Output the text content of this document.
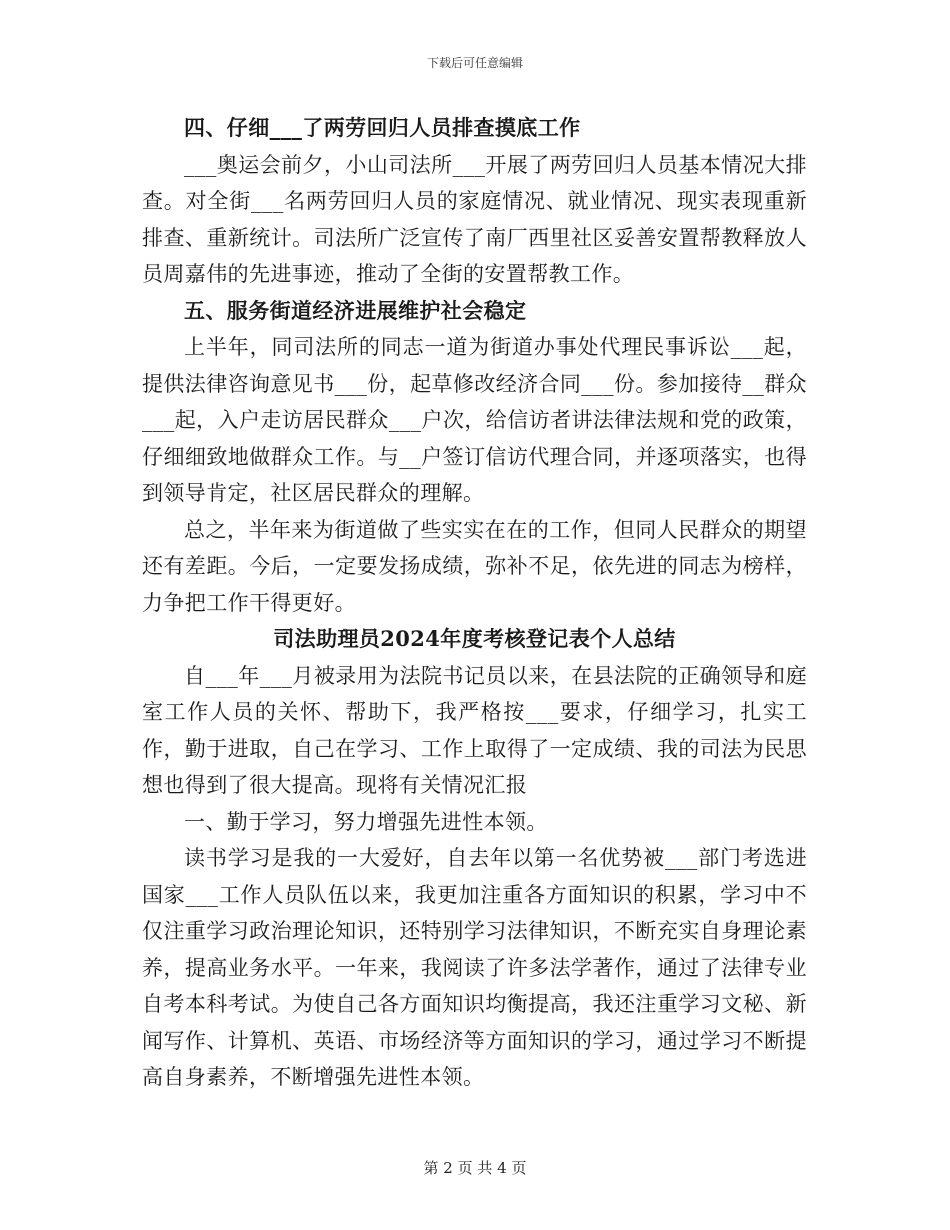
下载后可任意编辑

四、仔细___了两劳回归人员排查摸底工作

___奥运会前夕，小山司法所___开展了两劳回归人员基本情况大排查。对全街___名两劳回归人员的家庭情况、就业情况、现实表现重新排查、重新统计。司法所广泛宣传了南厂西里社区妥善安置帮教释放人员周嘉伟的先进事迹，推动了全街的安置帮教工作。

五、服务街道经济进展维护社会稳定

上半年，同司法所的同志一道为街道办事处代理民事诉讼___起，提供法律咨询意见书___份，起草修改经济合同___份。参加接待__群众___起，入户走访居民群众___户次，给信访者讲法律法规和党的政策，仔细细致地做群众工作。与__户签订信访代理合同，并逐项落实，也得到领导肯定，社区居民群众的理解。

总之，半年来为街道做了些实实在在的工作，但同人民群众的期望还有差距。今后，一定要发扬成绩，弥补不足，依先进的同志为榜样，力争把工作干得更好。

司法助理员2024年度考核登记表个人总结

自___年___月被录用为法院书记员以来，在县法院的正确领导和庭室工作人员的关怀、帮助下，我严格按___要求，仔细学习，扎实工作，勤于进取，自己在学习、工作上取得了一定成绩、我的司法为民思想也得到了很大提高。现将有关情况汇报

一、勤于学习，努力增强先进性本领。

读书学习是我的一大爱好，自去年以第一名优势被___部门考选进国家___工作人员队伍以来，我更加注重各方面知识的积累，学习中不仅注重学习政治理论知识，还特别学习法律知识，不断充实自身理论素养，提高业务水平。一年来，我阅读了许多法学著作，通过了法律专业自考本科考试。为使自己各方面知识均衡提高，我还注重学习文秘、新闻写作、计算机、英语、市场经济等方面知识的学习，通过学习不断提高自身素养，不断增强先进性本领。

第 2 页 共 4 页
